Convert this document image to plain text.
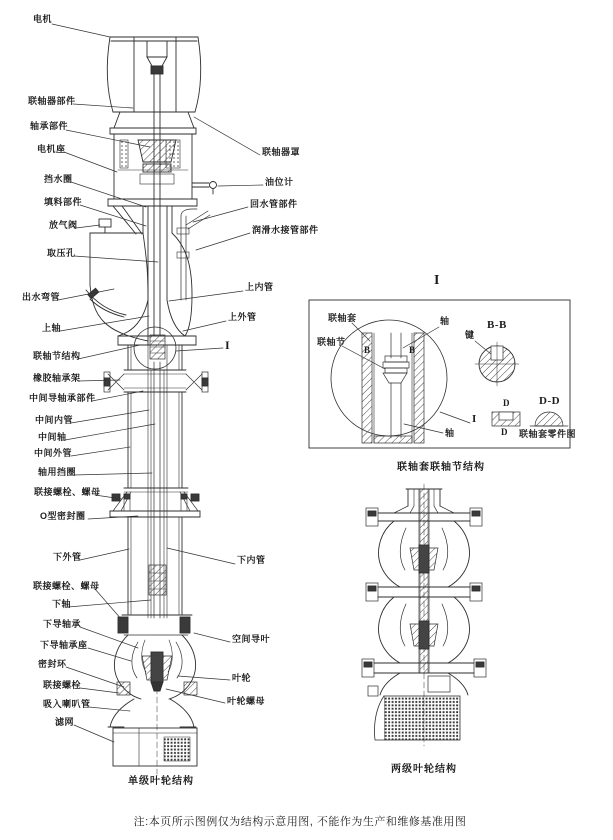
电机
联轴器部件
轴承部件
电机座
挡水圈
填料部件
放气阀
取压孔
出水弯管
上轴
联轴节结构
橡胶轴承架
中间导轴承部件
中间内管
中间轴
中间外管
轴用挡圈
联接螺栓、螺母
O型密封圈
下外管
联接螺栓、螺母
下轴
下导轴承
下导轴承座
密封环
联接螺栓
吸入喇叭管
滤网
联轴器罩
油位计
回水管部件
润滑水接管部件
上内管
上外管
I
下内管
空间导叶
叶轮
叶轮螺母
I
联轴套	轴
联轴节
B	B
B-B
键
D	D-D
D
I
轴	联轴套零件图
单级叶轮结构
联轴套联轴节结构
两级叶轮结构
注:本页所示图例仅为结构示意用图, 不能作为生产和维修基准用图
